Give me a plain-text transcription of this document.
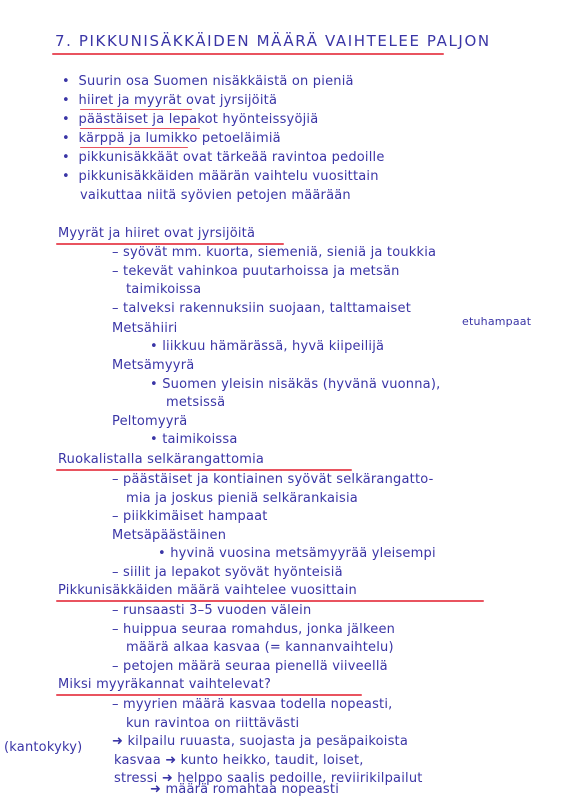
7. PIKKUNISÄKKÄIDEN MÄÄRÄ VAIHTELEE PALJON
• Suurin osa Suomen nisäkkäistä on pieniä
• hiiret ja myyrät ovat jyrsijöitä
• päästäiset ja lepakot hyönteissyöjiä
• kärppä ja lumikko petoeläimiä
• pikkunisäkkäät ovat tärkeää ravintoa pedoille
• pikkunisäkkäiden määrän vaihtelu vuosittain
vaikuttaa niitä syövien petojen määrään
Myyrät ja hiiret ovat jyrsijöitä
– syövät mm. kuorta, siemeniä, sieniä ja toukkia
– tekevät vahinkoa puutarhoissa ja metsän
taimikoissa
– talveksi rakennuksiin suojaan, talttamaiset
etuhampaat
Metsähiiri
• liikkuu hämärässä, hyvä kiipeilijä
Metsämyyrä
• Suomen yleisin nisäkäs (hyvänä vuonna),
metsissä
Peltomyyrä
• taimikoissa
Ruokalistalla selkärangattomia
– päästäiset ja kontiainen syövät selkärangatto-
mia ja joskus pieniä selkärankaisia
– piikkimäiset hampaat
Metsäpäästäinen
• hyvinä vuosina metsämyyrää yleisempi
– siilit ja lepakot syövät hyönteisiä
Pikkunisäkkäiden määrä vaihtelee vuosittain
– runsaasti 3–5 vuoden välein
– huippua seuraa romahdus, jonka jälkeen
määrä alkaa kasvaa (= kannanvaihtelu)
– petojen määrä seuraa pienellä viiveellä
Miksi myyräkannat vaihtelevat?
– myyrien määrä kasvaa todella nopeasti,
kun ravintoa on riittävästi
(kantokyky) ➜ kilpailu ruuasta, suojasta ja pesäpaikoista
kasvaa ➜ kunto heikko, taudit, loiset,
stressi ➜ helppo saalis pedoille, reviirikilpailut
➜ määrä romahtaa nopeasti
